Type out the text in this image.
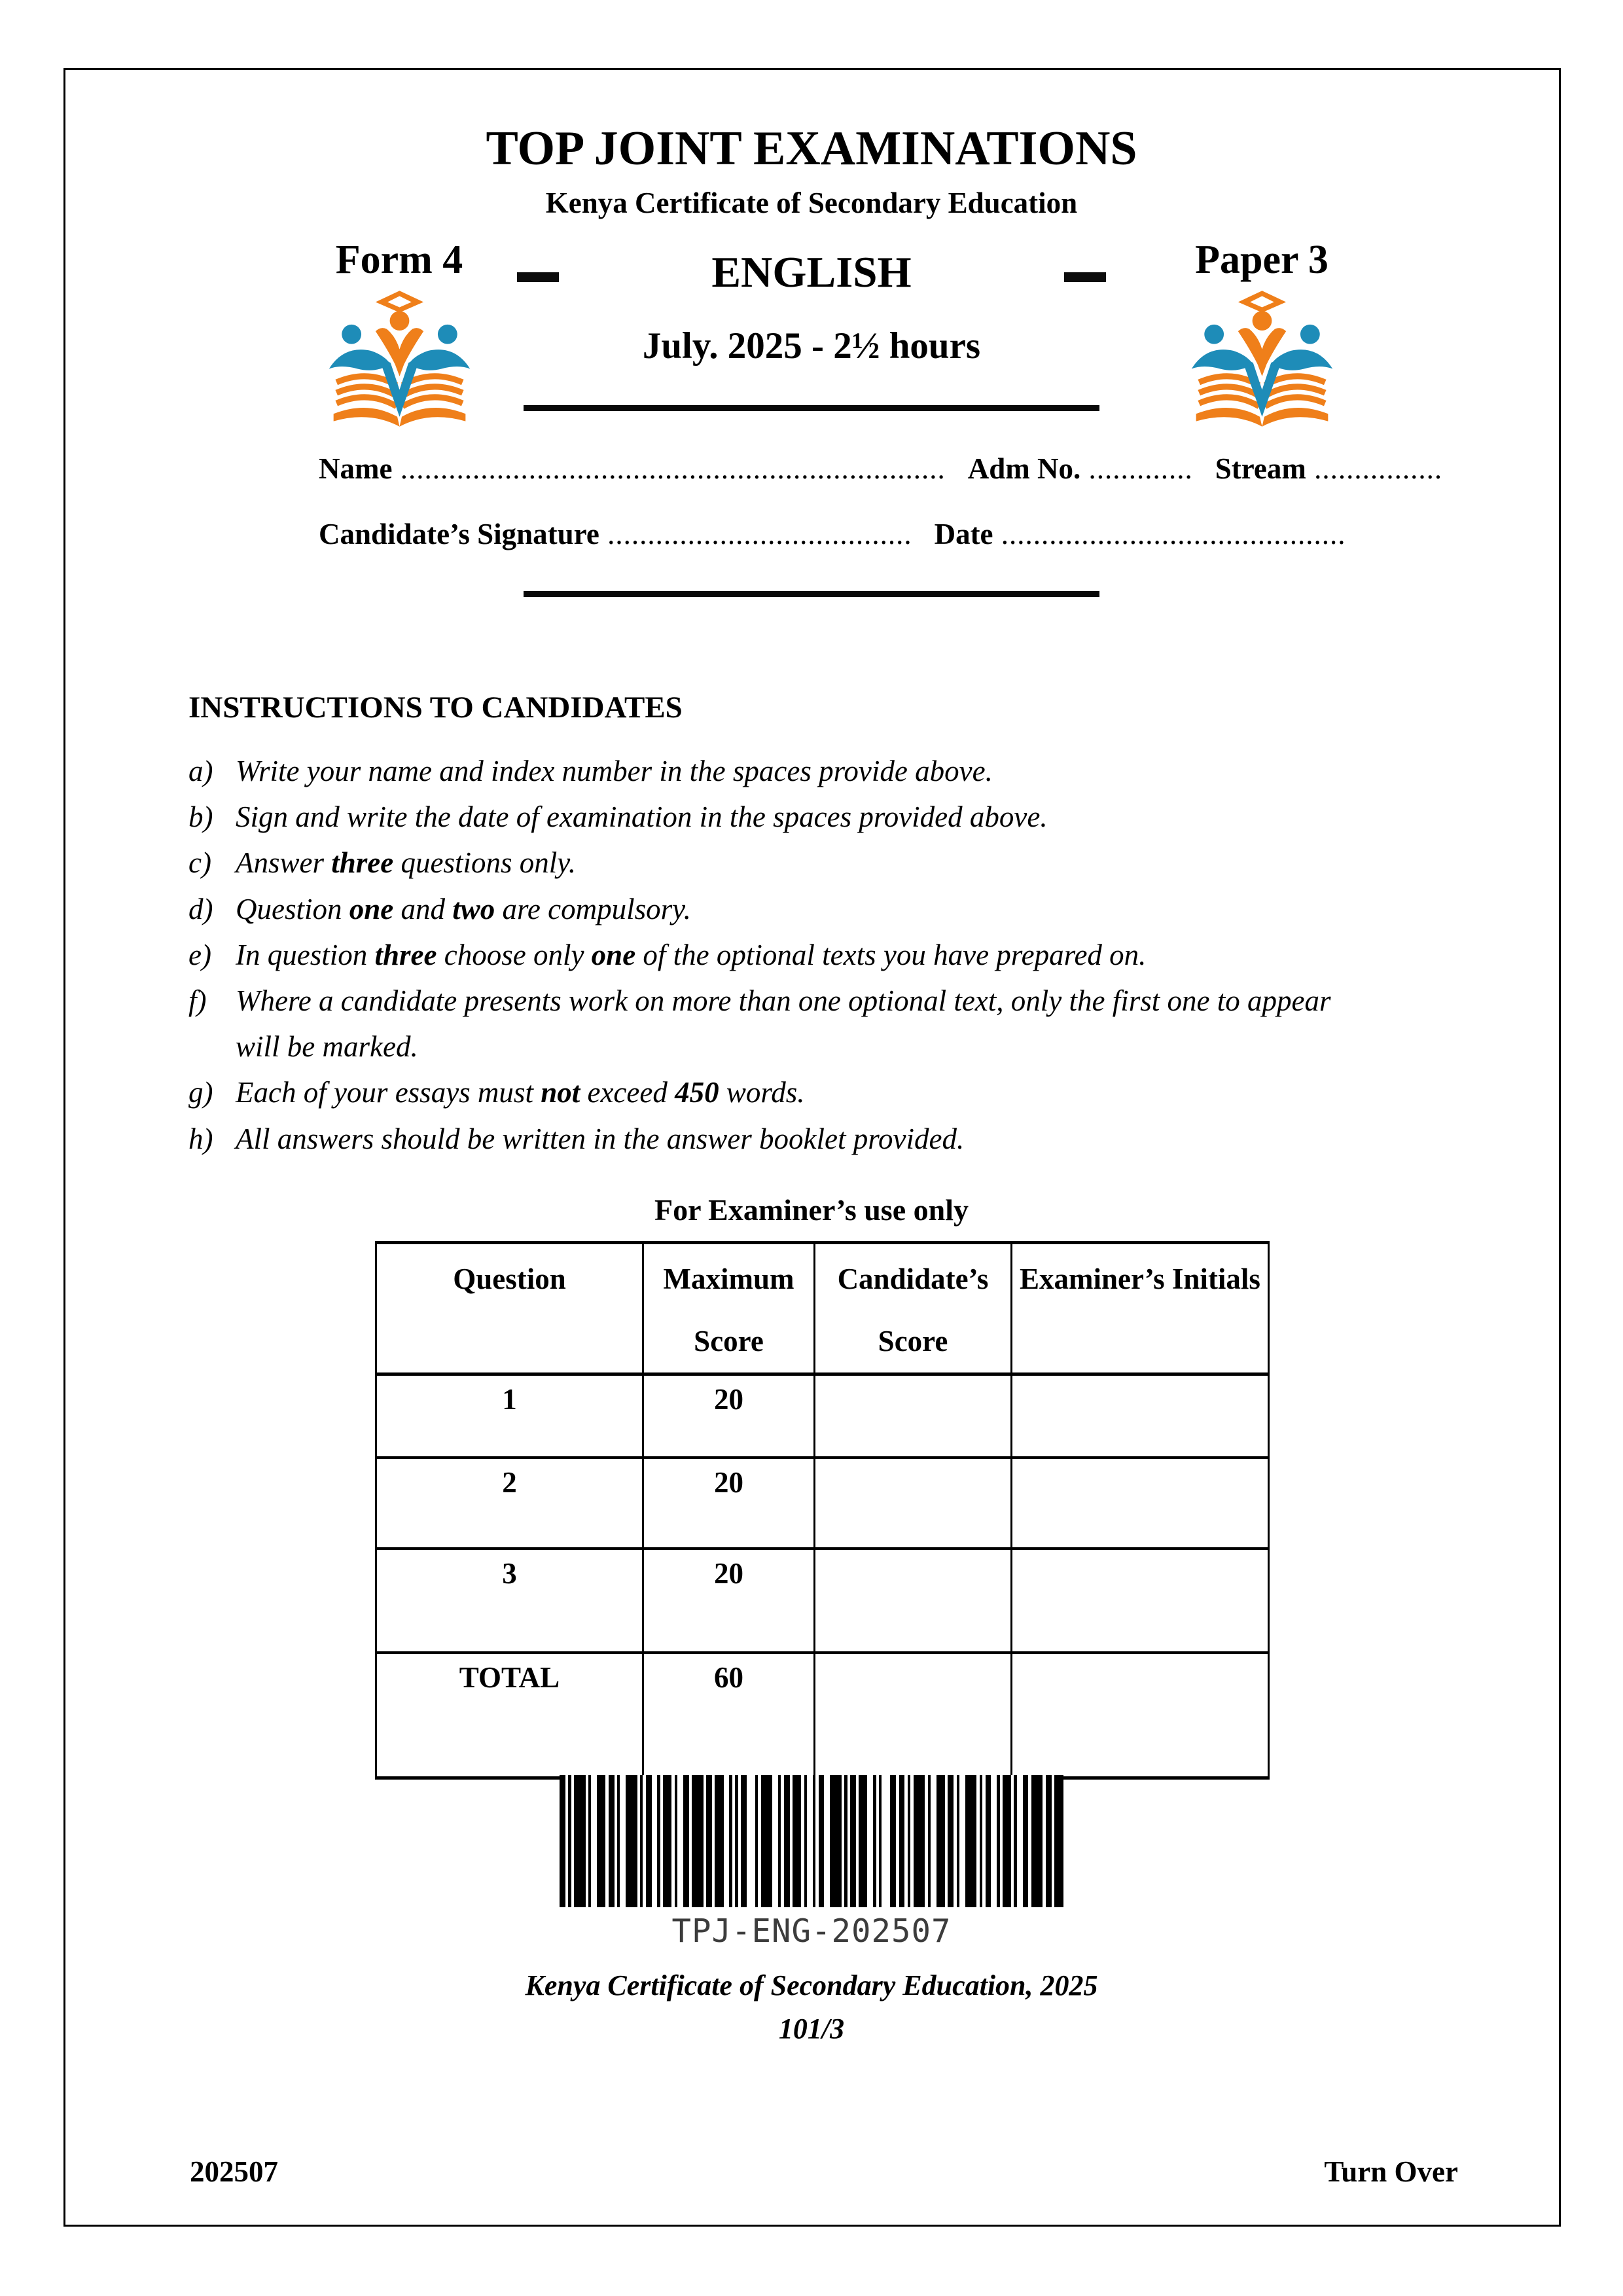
TOP JOINT EXAMINATIONS
Kenya Certificate of Secondary Education
Form 4	Paper 3
ENGLISH
July. 2025 - 2½ hours
Name .................................................................... Adm No. ............. Stream ................
Candidate’s Signature ...................................... Date ...........................................
INSTRUCTIONS TO CANDIDATES
a) Write your name and index number in the spaces provide above.
b) Sign and write the date of examination in the spaces provided above.
c) Answer three questions only.
d) Question one and two are compulsory.
e) In question three choose only one of the optional texts you have prepared on.
f) Where a candidate presents work on more than one optional text, only the first one to appear will be marked.
g) Each of your essays must not exceed 450 words.
h) All answers should be written in the answer booklet provided.
For Examiner’s use only
Question	Maximum Score	Candidate’s Score	Examiner’s Initials
1	20		
2	20		
3	20		
TOTAL	60		
TPJ-ENG-202507
Kenya Certificate of Secondary Education, 2025
101/3
202507	Turn Over
